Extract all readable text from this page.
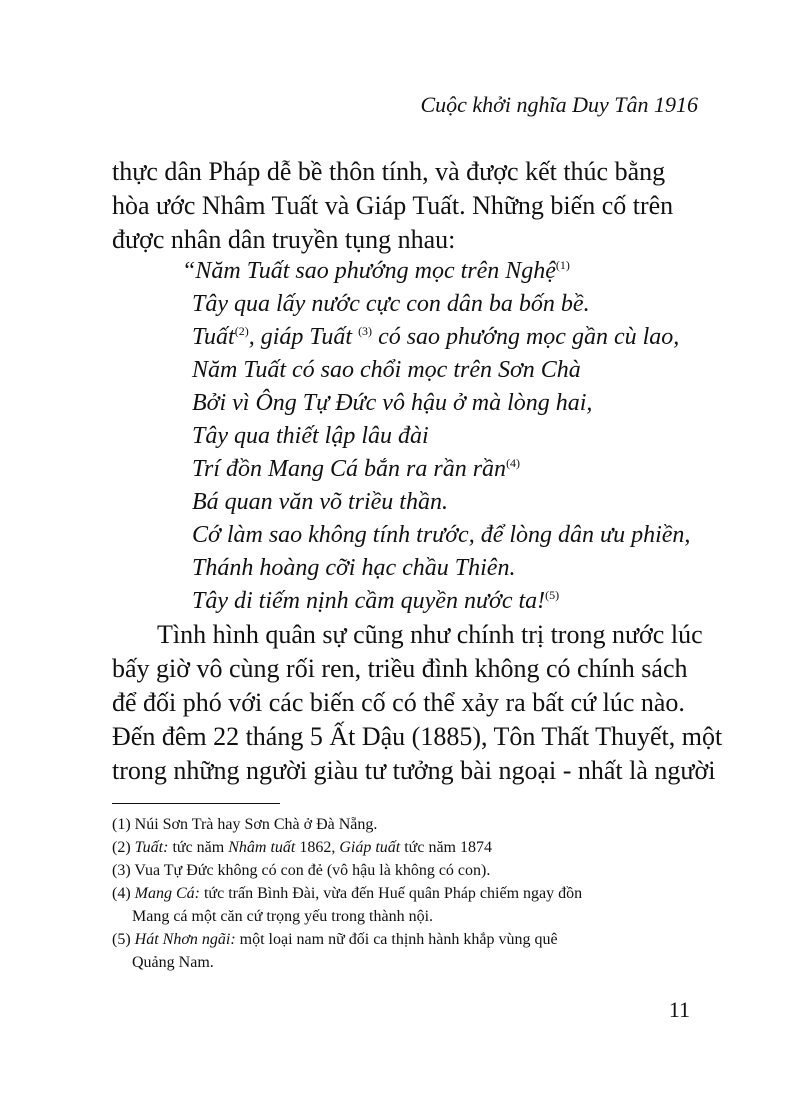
Cuộc khởi nghĩa Duy Tân 1916
thực dân Pháp dễ bề thôn tính, và được kết thúc bằng
hòa ước Nhâm Tuất và Giáp Tuất. Những biến cố trên
được nhân dân truyền tụng nhau:
“Năm Tuất sao phướng mọc trên Nghệ$^{(1)}$
Tây qua lấy nước cực con dân ba bốn bề.
Tuất$^{(2)}$, giáp Tuất $^{(3)}$ có sao phướng mọc gần cù lao,
Năm Tuất có sao chổi mọc trên Sơn Chà
Bởi vì Ông Tự Đức vô hậu ở mà lòng hai,
Tây qua thiết lập lâu đài
Trí đồn Mang Cá bắn ra rần rần$^{(4)}$
Bá quan văn võ triều thần.
Cớ làm sao không tính trước, để lòng dân ưu phiền,
Thánh hoàng cỡi hạc chầu Thiên.
Tây di tiếm nịnh cầm quyền nước ta!$^{(5)}$
Tình hình quân sự cũng như chính trị trong nước lúc
bấy giờ vô cùng rối ren, triều đình không có chính sách
để đối phó với các biến cố có thể xảy ra bất cứ lúc nào.
Đến đêm 22 tháng 5 Ất Dậu (1885), Tôn Thất Thuyết, một
trong những người giàu tư tưởng bài ngoại - nhất là người
(1) Núi Sơn Trà hay Sơn Chà ở Đà Nẵng.
(2) Tuất: tức năm Nhâm tuất 1862, Giáp tuất tức năm 1874
(3) Vua Tự Đức không có con đẻ (vô hậu là không có con).
(4) Mang Cá: tức trấn Bình Đài, vừa đến Huế quân Pháp chiếm ngay đồn
Mang cá một căn cứ trọng yếu trong thành nội.
(5) Hát Nhơn ngãi: một loại nam nữ đối ca thịnh hành khắp vùng quê
Quảng Nam.
11
